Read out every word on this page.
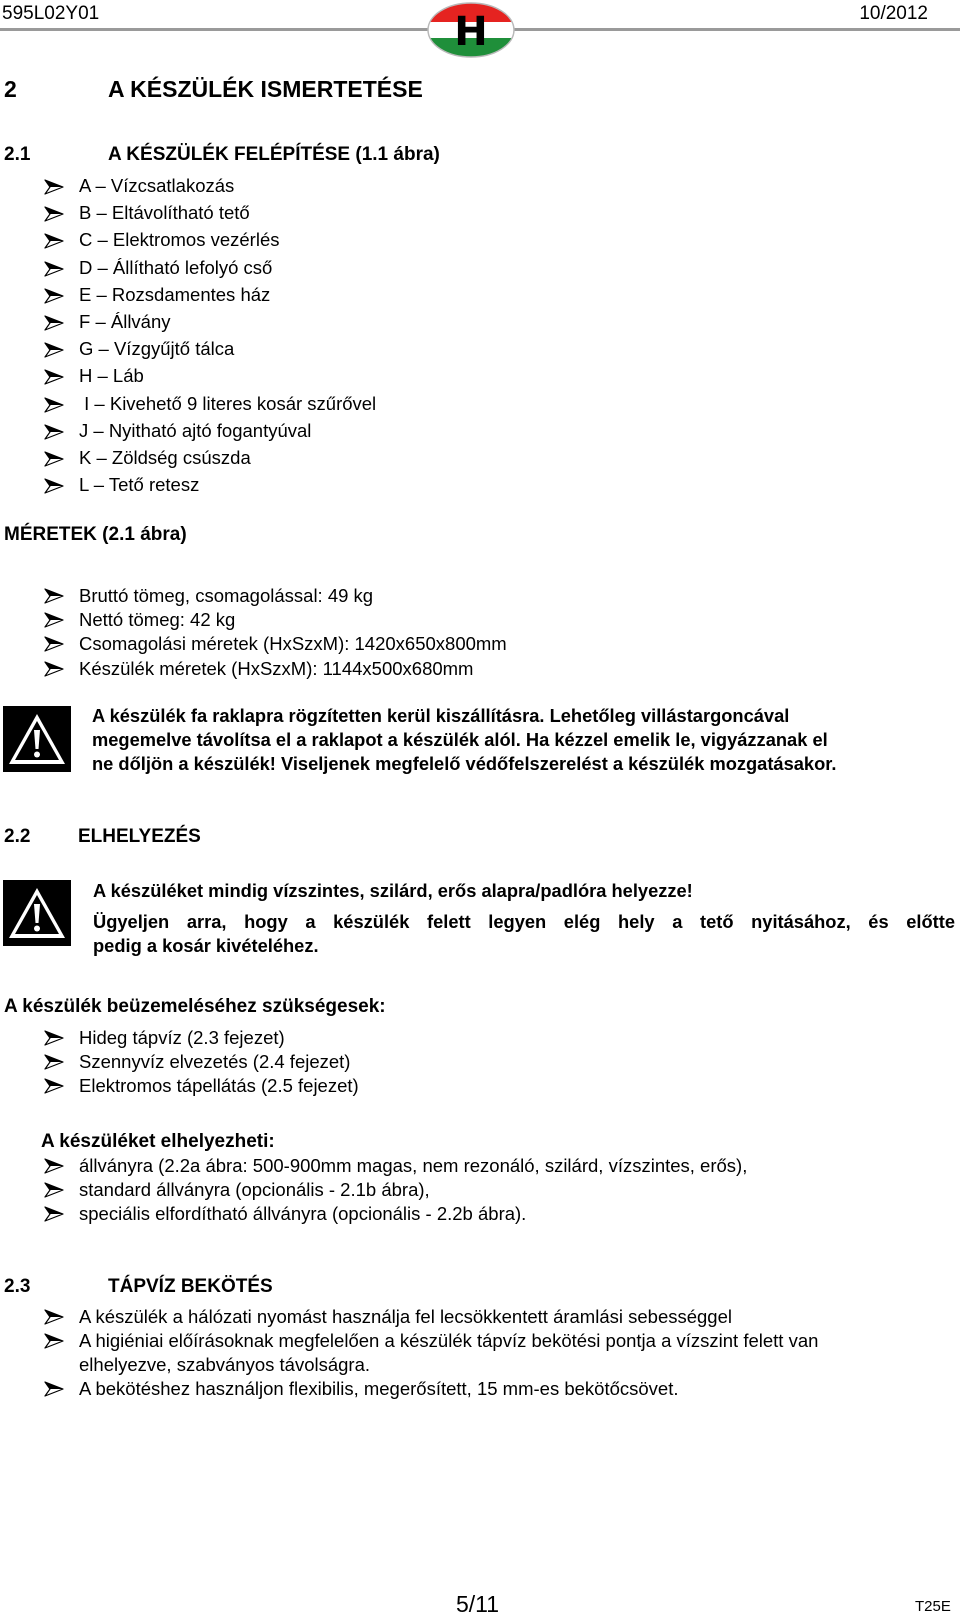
595L02Y01	10/2012
H
2	A KÉSZÜLÉK ISMERTETÉSE
2.1	A KÉSZÜLÉK FELÉPÍTÉSE (1.1 ábra)
A – Vízcsatlakozás
B – Eltávolítható tető
C – Elektromos vezérlés
D – Állítható lefolyó cső
E – Rozsdamentes ház
F – Állvány
G – Vízgyűjtő tálca
H – Láb
I – Kivehető 9 literes kosár szűrővel
J – Nyitható ajtó fogantyúval
K – Zöldség csúszda
L – Tető retesz
MÉRETEK (2.1 ábra)
Bruttó tömeg, csomagolással: 49 kg
Nettó tömeg: 42 kg
Csomagolási méretek (HxSzxM): 1420x650x800mm
Készülék méretek (HxSzxM): 1144x500x680mm
A készülék fa raklapra rögzítetten kerül kiszállításra. Lehetőleg villástargoncával
megemelve távolítsa el a raklapot a készülék alól. Ha kézzel emelik le, vigyázzanak el
ne dőljön a készülék! Viseljenek megfelelő védőfelszerelést a készülék mozgatásakor.
2.2	ELHELYEZÉS
A készüléket mindig vízszintes, szilárd, erős alapra/padlóra helyezze!
Ügyeljen arra, hogy a készülék felett legyen elég hely a tető nyitásához, és előtte
pedig a kosár kivételéhez.
A készülék beüzemeléséhez szükségesek:
Hideg tápvíz (2.3 fejezet)
Szennyvíz elvezetés (2.4 fejezet)
Elektromos tápellátás (2.5 fejezet)
A készüléket elhelyezheti:
állványra (2.2a ábra: 500-900mm magas, nem rezonáló, szilárd, vízszintes, erős),
standard állványra (opcionális - 2.1b ábra),
speciális elfordítható állványra (opcionális - 2.2b ábra).
2.3	TÁPVÍZ BEKÖTÉS
A készülék a hálózati nyomást használja fel lecsökkentett áramlási sebességgel
A higiéniai előírásoknak megfelelően a készülék tápvíz bekötési pontja a vízszint felett van
elhelyezve, szabványos távolságra.
A bekötéshez használjon flexibilis, megerősített, 15 mm-es bekötőcsövet.
5/11	T25E
